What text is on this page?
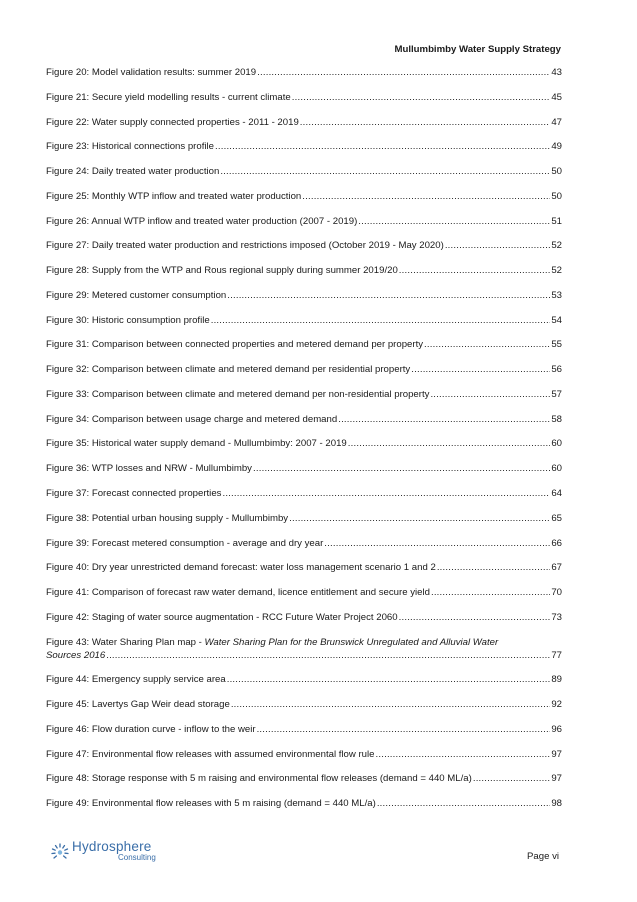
Mullumbimby Water Supply Strategy
Figure 20: Model validation results: summer 2019 .....	43
Figure 21: Secure yield modelling results - current climate .....	45
Figure 22: Water supply connected properties - 2011 - 2019 .....	47
Figure 23: Historical connections profile .....	49
Figure 24: Daily treated water production .....	50
Figure 25: Monthly WTP inflow and treated water production .....	50
Figure 26: Annual WTP inflow and treated water production (2007 - 2019) .....	51
Figure 27: Daily treated water production and restrictions imposed (October 2019 - May 2020) .....	52
Figure 28: Supply from the WTP and Rous regional supply during summer 2019/20 .....	52
Figure 29: Metered customer consumption .....	53
Figure 30: Historic consumption profile .....	54
Figure 31: Comparison between connected properties and metered demand per property .....	55
Figure 32: Comparison between climate and metered demand per residential property .....	56
Figure 33: Comparison between climate and metered demand per non-residential property .....	57
Figure 34: Comparison between usage charge and metered demand .....	58
Figure 35: Historical water supply demand - Mullumbimby: 2007 - 2019 .....	60
Figure 36: WTP losses and NRW - Mullumbimby .....	60
Figure 37: Forecast connected properties .....	64
Figure 38: Potential urban housing supply - Mullumbimby .....	65
Figure 39: Forecast metered consumption - average and dry year .....	66
Figure 40: Dry year unrestricted demand forecast: water loss management scenario 1 and 2 .....	67
Figure 41: Comparison of forecast raw water demand, licence entitlement and secure yield .....	70
Figure 42: Staging of water source augmentation - RCC Future Water Project 2060 .....	73
Figure 43: Water Sharing Plan map - Water Sharing Plan for the Brunswick Unregulated and Alluvial Water
Sources 2016 .....	77
Figure 44: Emergency supply service area .....	89
Figure 45: Lavertys Gap Weir dead storage .....	92
Figure 46: Flow duration curve - inflow to the weir .....	96
Figure 47: Environmental flow releases with assumed environmental flow rule .....	97
Figure 48: Storage response with 5 m raising and environmental flow releases (demand = 440 ML/a) .....	97
Figure 49: Environmental flow releases with 5 m raising (demand = 440 ML/a) .....	98
Hydrosphere
Consulting	Page vi
